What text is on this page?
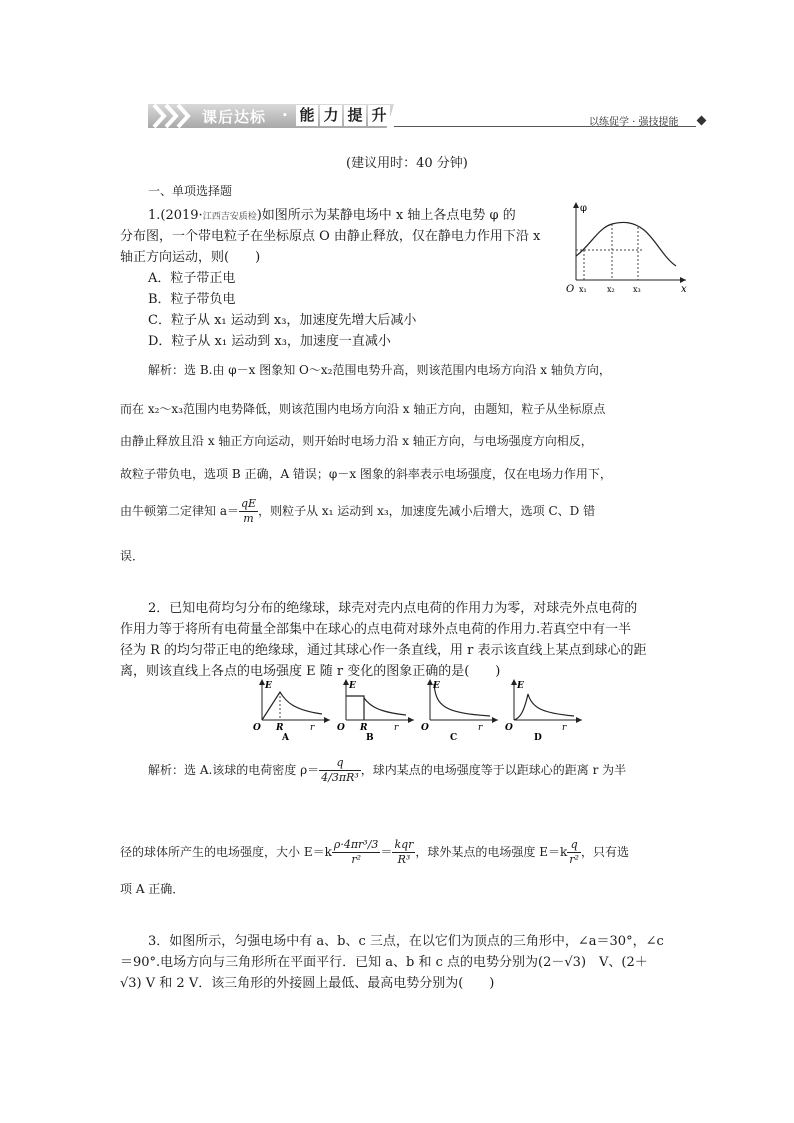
课后达标 · 能 力 提 升	以练促学 · 强技提能
(建议用时：40 分钟)
一、单项选择题
1.(2019·江西吉安质检)如图所示为某静电场中 x 轴上各点电势 φ 的
分布图，一个带电粒子在坐标原点 O 由静止释放，仅在静电力作用下沿 x
轴正方向运动，则(　　)
A．粒子带正电
B．粒子带负电
C．粒子从 x₁ 运动到 x₃，加速度先增大后减小
D．粒子从 x₁ 运动到 x₃，加速度一直减小
φ
x
O x₁	x₂ x₃
解析：选 B.由 φ－x 图象知 O～x₂范围电势升高，则该范围内电场方向沿 x 轴负方向，
而在 x₂～x₃范围内电势降低，则该范围内电场方向沿 x 轴正方向，由题知，粒子从坐标原点
由静止释放且沿 x 轴正方向运动，则开始时电场力沿 x 轴正方向，与电场强度方向相反，
故粒子带负电，选项 B 正确，A 错误；φ－x 图象的斜率表示电场强度，仅在电场力作用下，
由牛顿第二定律知 $a= \frac{qE}{m}$ ，则粒子从 x₁ 运动到 x₃，加速度先减小后增大，选项 C、D 错
误．
2．已知电荷均匀分布的绝缘球，球壳对壳内点电荷的作用力为零，对球壳外点电荷的
作用力等于将所有电荷量全部集中在球心的点电荷对球外点电荷的作用力.若真空中有一半
径为 R 的均匀带正电的绝缘球，通过其球心作一条直线，用 r 表示该直线上某点到球心的距
离，则该直线上各点的电场强度 E 随 r 变化的图象正确的是(　　)
E
O R	r
A
E
O R	r
B
E
O	r
C
E
O	r
D
解析：选 A.该球的电荷密度 $\rho= \frac{q}{\text{4/3πR³}}$ ，球内某点的电场强度等于以距球心的距离 r 为半
径的球体所产生的电场强度，大小 $E=k \frac{\text{ρ·4πr³/3}}{\text{r²}} = \frac{\text{kqr}}{\text{R³}}$ ，球外某点的电场强度 $E=k \frac{q}{\text{r²}}$ ，只有选
项 A 正确．
3．如图所示，匀强电场中有 a、b、c 三点，在以它们为顶点的三角形中，∠a＝30°，∠c
＝90°.电场方向与三角形所在平面平行．已知 a、b 和 c 点的电势分别为(2－√3)　V、(2＋
√3) V 和 2 V．该三角形的外接圆上最低、最高电势分别为(　　)
